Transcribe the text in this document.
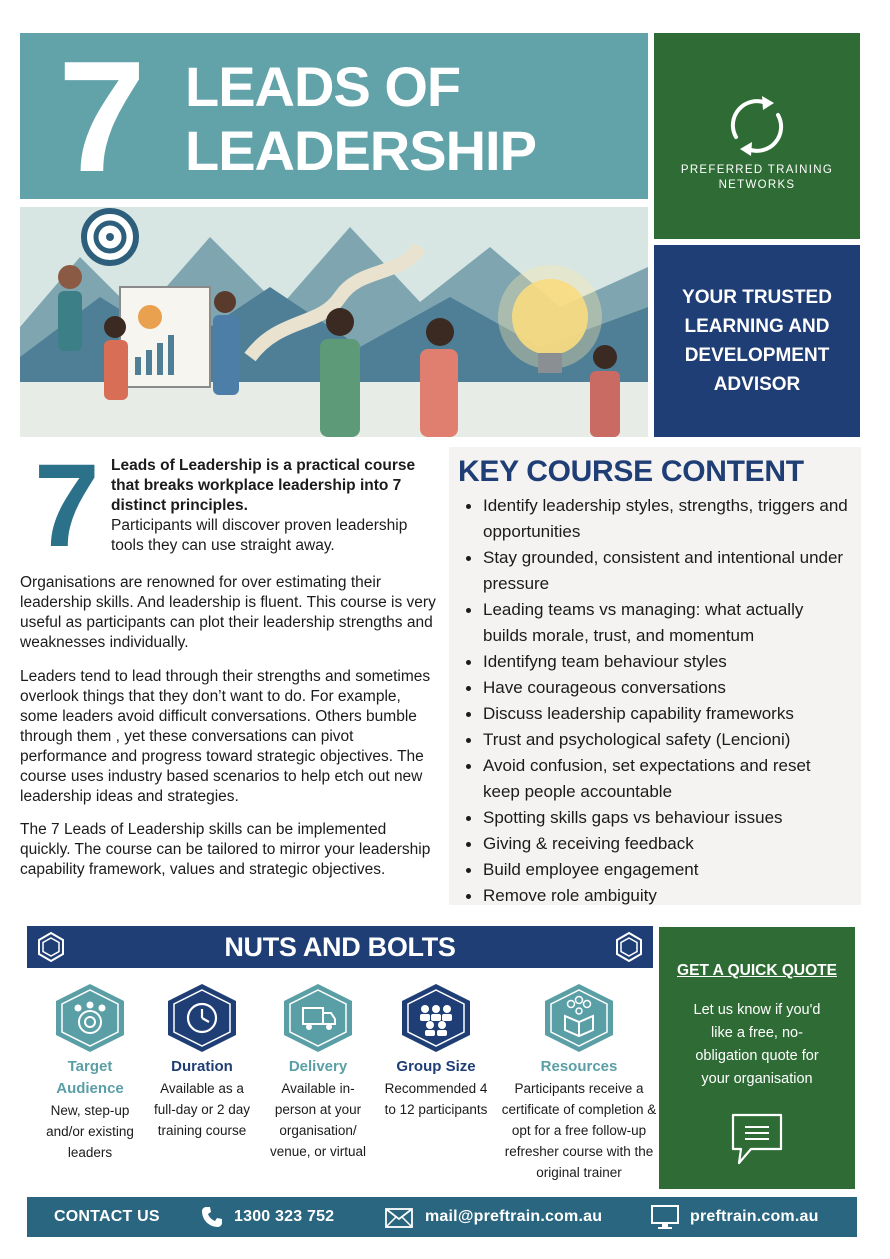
7 LEADS OF
LEADERSHIP	PREFERRED TRAINING NETWORKS
YOUR TRUSTED LEARNING AND DEVELOPMENT ADVISOR
7 Leads of Leadership is a practical course that breaks workplace leadership into 7 distinct principles.
Participants will discover proven leadership tools they can use straight away.
Organisations are renowned for over estimating their leadership skills. And leadership is fluent. This course is very useful as participants can plot their leadership strengths and weaknesses individually.
Leaders tend to lead through their strengths and sometimes overlook things that they don’t want to do. For example, some leaders avoid difficult conversations. Others bumble through them , yet these conversations can pivot performance and progress toward strategic objectives. The course uses industry based scenarios to help etch out new leadership ideas and strategies.
The 7 Leads of Leadership skills can be implemented quickly. The course can be tailored to mirror your leadership capability framework, values and strategic objectives.
KEY COURSE CONTENT
Identify leadership styles, strengths, triggers and opportunities
Stay grounded, consistent and intentional under pressure
Leading teams vs managing: what actually builds morale, trust, and momentum
Identifyng team behaviour styles
Have courageous conversations
Discuss leadership capability frameworks
Trust and psychological safety (Lencioni)
Avoid confusion, set expectations and reset keep people accountable
Spotting skills gaps vs behaviour issues
Giving & receiving feedback
Build employee engagement
Remove role ambiguity
NUTS AND BOLTS
Target Audience
New, step-up and/or existing leaders
Duration
Available as a full-day or 2 day training course
Delivery
Available in-person at your organisation/ venue, or virtual
Group Size
Recommended 4 to 12 participants
Resources
Participants receive a certificate of completion & opt for a free follow-up refresher course with the original trainer
GET A QUICK QUOTE
Let us know if you'd like a free, no-obligation quote for your organisation
CONTACT US	1300 323 752	mail@preftrain.com.au	preftrain.com.au
